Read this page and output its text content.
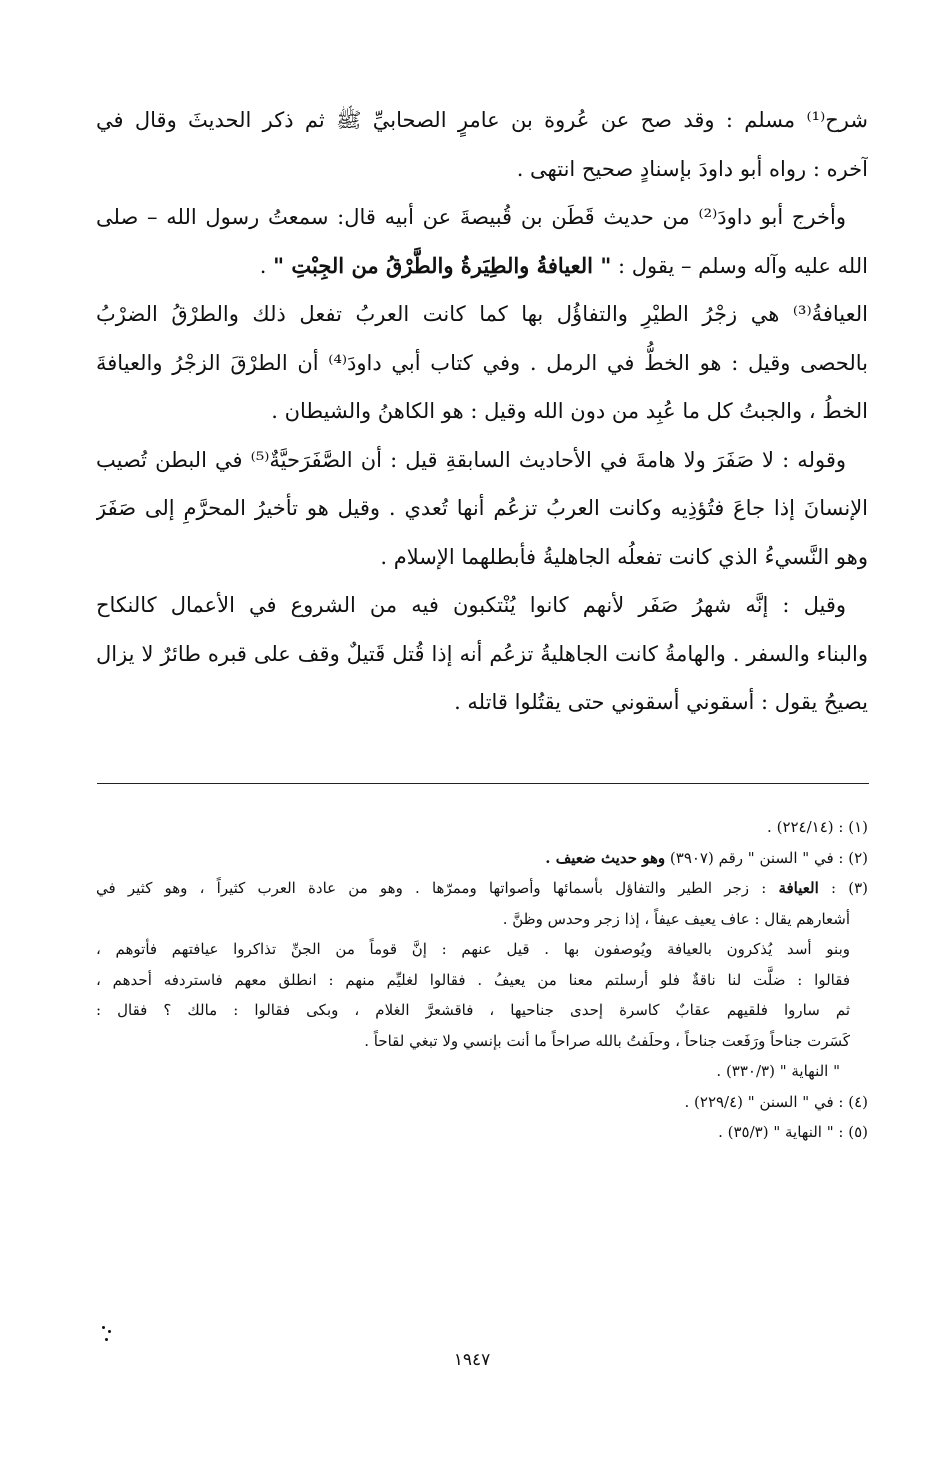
شرح⁽¹⁾ مسلم : وقد صح عن عُروة بن عامرٍ الصحابيِّ ﷺ ثم ذكر الحديثَ وقال في
آخره : رواه أبو داودَ بإسنادٍ صحيح انتهى .
وأخرج أبو داودَ⁽²⁾ من حديث قَطَن بن قُبيصةَ عن أبيه قال: سمعتُ رسول الله – صلى
الله عليه وآله وسلم – يقول : " العيافةُ والطِيَرةُ والطَّرْقُ من الجِبْتِ " .
العيافةُ⁽³⁾ هي زجْرُ الطيْرِ والتفاؤُل بها كما كانت العربُ تفعل ذلك والطرْقُ الضرْبُ
بالحصى وقيل : هو الخطُّ في الرمل . وفي كتاب أبي داودَ⁽⁴⁾ أن الطرْقَ الزجْرُ والعيافةَ
الخطُ ، والجبتُ كل ما عُبِد من دون الله وقيل : هو الكاهنُ والشيطان .
وقوله : لا صَفَرَ ولا هامةَ في الأحاديث السابقةِ قيل : أن الصَّفَرَحيَّةٌ⁽⁵⁾ في البطن تُصيب
الإنسانَ إذا جاعَ فتُؤذِيه وكانت العربُ تزعُم أنها تُعدي . وقيل هو تأخيرُ المحرَّمِ إلى صَفَرَ
وهو النَّسيءُ الذي كانت تفعلُه الجاهليةُ فأبطلهما الإسلام .
وقيل : إنَّه شهرُ صَفَر لأنهم كانوا يُنْتكبون فيه من الشروع في الأعمال كالنكاح
والبناء والسفر . والهامةُ كانت الجاهليةُ تزعُم أنه إذا قُتل قَتيلٌ وقف على قبره طائرٌ لا يزال
يصيحُ يقول : أسقوني أسقوني حتى يقتُلوا قاتله .
(١) : (٢٢٤/١٤) .
(٢) : في " السنن " رقم (٣٩٠٧) وهو حديث ضعيف .
(٣) : العيافة : زجر الطير والتفاؤل بأسمائها وأصواتها وممرّها . وهو من عادة العرب كثيراً ، وهو كثير في
أشعارهم يقال : عاف يعيف عيفاً ، إذا زجر وحدس وظنَّ .
وبنو أسد يُذكرون بالعيافة ويُوصفون بها . قيل عنهم : إنَّ قوماً من الجنِّ تذاكروا عيافتهم فأتوهم ،
فقالوا : ضلَّت لنا ناقةٌ فلو أرسلتم معنا من يعيفُ . فقالوا لغليِّم منهم : انطلق معهم فاستردفه أحدهم ،
ثم ساروا فلقيهم عقابٌ كاسرة إحدى جناحيها ، فاقشعرَّ الغلام ، وبكى فقالوا : مالك ؟ فقال :
كَسَرت جناحاً ورَفَعت جناحاً ، وحلَفتُ بالله صراحاً ما أنت بإنسي ولا تبغي لقاحاً .
" النهاية " (٣٣٠/٣) .
(٤) : في " السنن " (٢٢٩/٤) .
(٥) : " النهاية " (٣٥/٣) .
١٩٤٧
